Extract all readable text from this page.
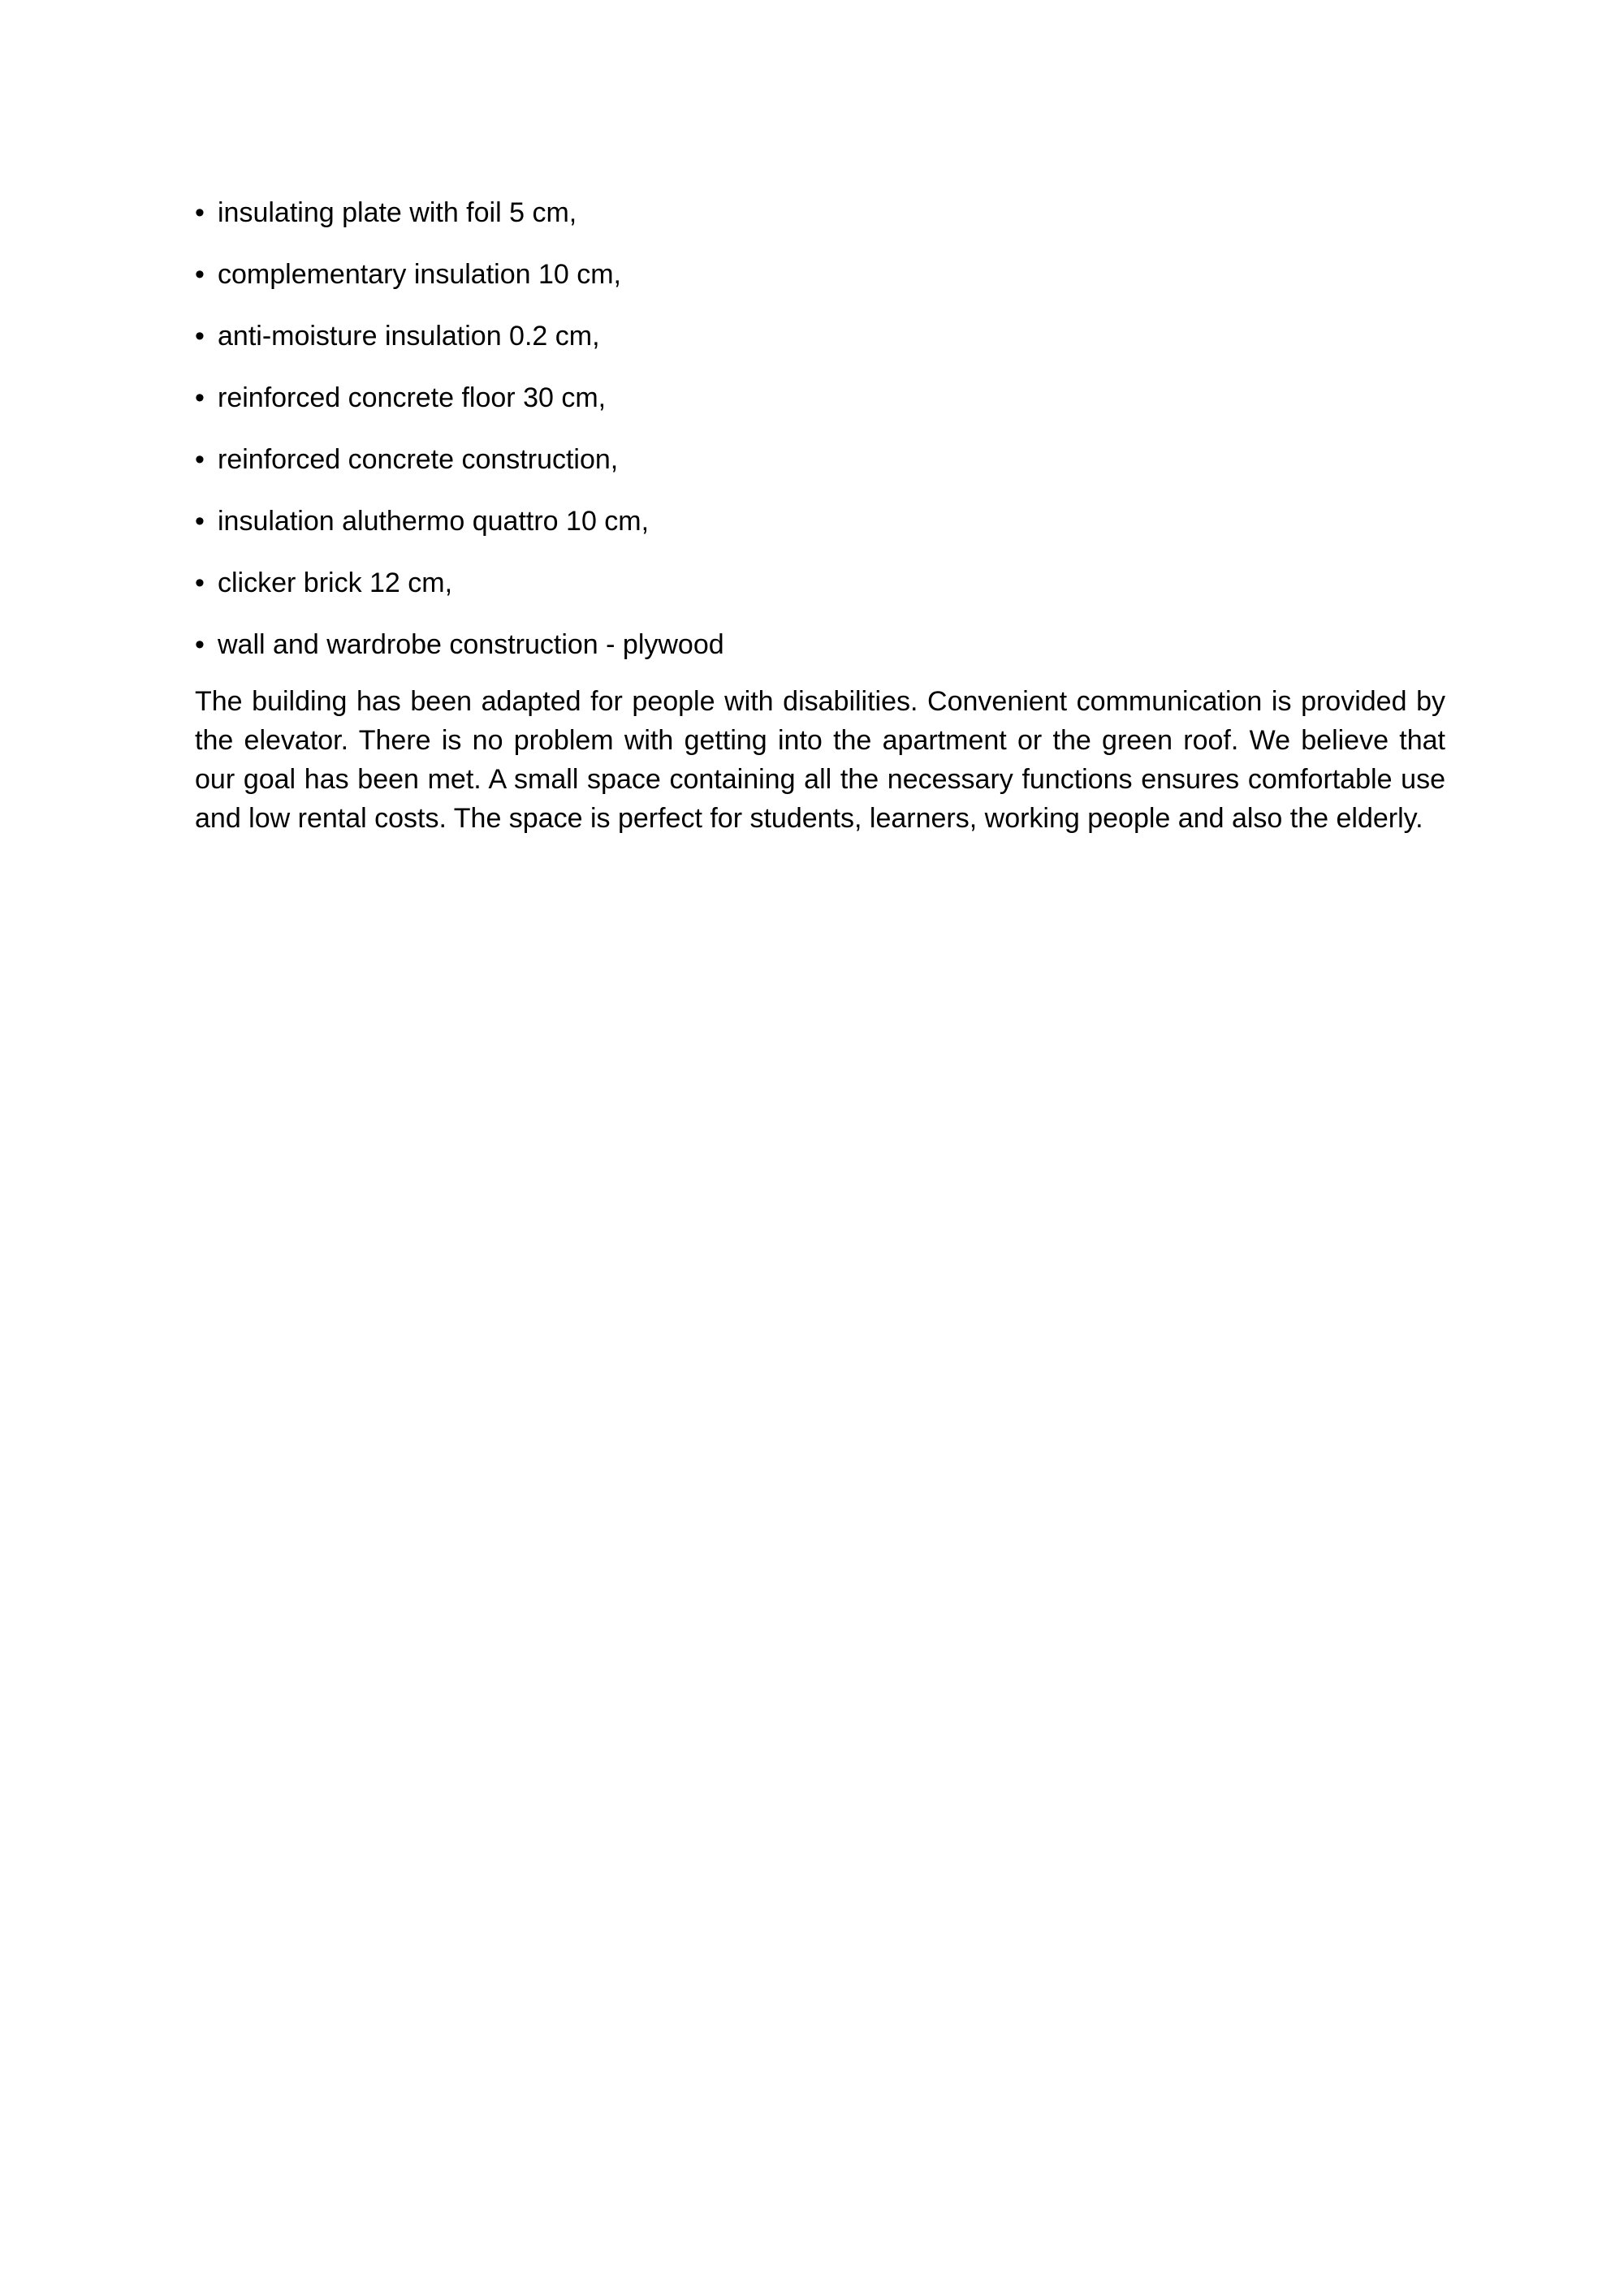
• insulating plate with foil 5 cm,
• complementary insulation 10 cm,
• anti-moisture insulation 0.2 cm,
• reinforced concrete floor 30 cm,
• reinforced concrete construction,
• insulation aluthermo quattro 10 cm,
• clicker brick 12 cm,
• wall and wardrobe construction - plywood

The building has been adapted for people with disabilities. Convenient communication is provided by
the elevator. There is no problem with getting into the apartment or the green roof. We believe that
our goal has been met. A small space containing all the necessary functions ensures comfortable use
and low rental costs. The space is perfect for students, learners, working people and also the elderly.
